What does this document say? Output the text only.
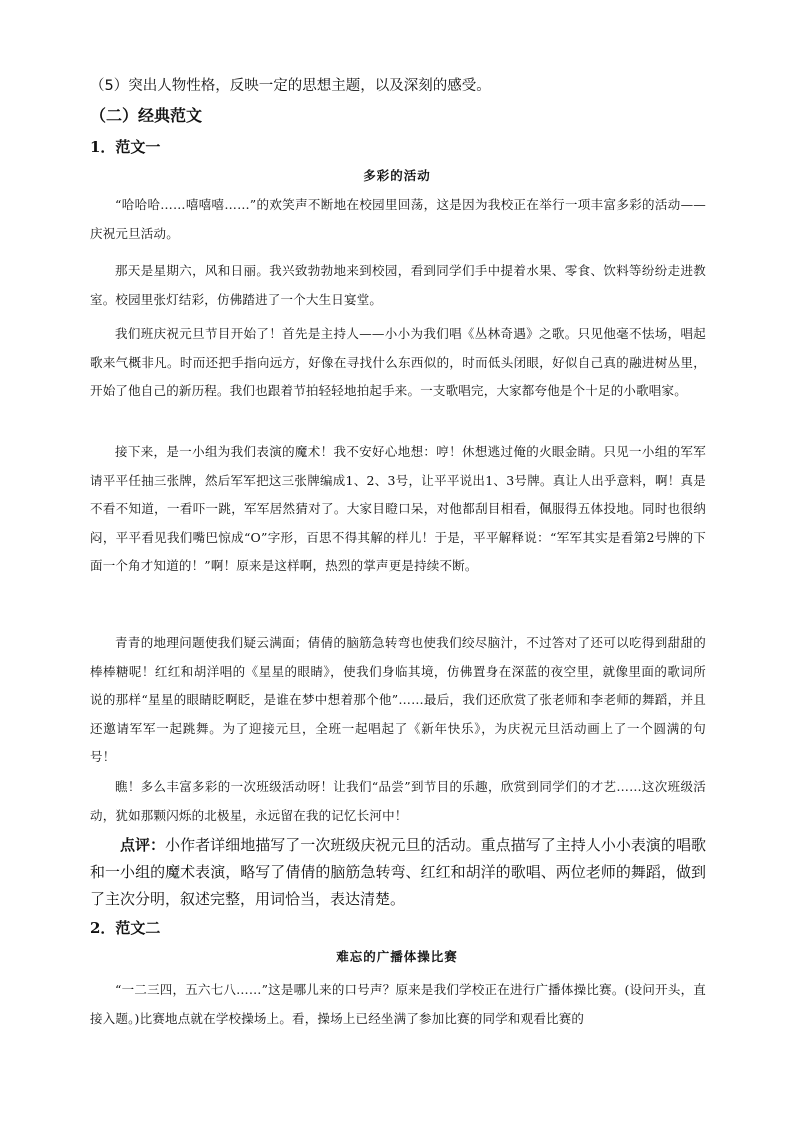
（5）突出人物性格，反映一定的思想主题，以及深刻的感受。

（二）经典范文

1．范文一

多彩的活动

“哈哈哈……嘻嘻嘻……”的欢笑声不断地在校园里回荡，这是因为我校正在举行一项丰富多彩的活动——庆祝元旦活动。

那天是星期六，风和日丽。我兴致勃勃地来到校园，看到同学们手中提着水果、零食、饮料等纷纷走进教室。校园里张灯结彩，仿佛踏进了一个大生日宴堂。

我们班庆祝元旦节目开始了！首先是主持人——小小为我们唱《丛林奇遇》之歌。只见他毫不怯场，唱起歌来气概非凡。时而还把手指向远方，好像在寻找什么东西似的，时而低头闭眼，好似自己真的融进树丛里，开始了他自己的新历程。我们也跟着节拍轻轻地拍起手来。一支歌唱完，大家都夸他是个十足的小歌唱家。

接下来，是一小组为我们表演的魔术！我不安好心地想：哼！休想逃过俺的火眼金睛。只见一小组的军军请平平任抽三张牌，然后军军把这三张牌编成1、2、3号，让平平说出1、3号牌。真让人出乎意料，啊！真是不看不知道，一看吓一跳，军军居然猜对了。大家目瞪口呆，对他都刮目相看，佩服得五体投地。同时也很纳闷，平平看见我们嘴巴惊成“O”字形，百思不得其解的样儿！于是，平平解释说：“军军其实是看第2号牌的下面一个角才知道的！”啊！原来是这样啊，热烈的掌声更是持续不断。

青青的地理问题使我们疑云满面；倩倩的脑筋急转弯也使我们绞尽脑汁，不过答对了还可以吃得到甜甜的棒棒糖呢！红红和胡洋唱的《星星的眼睛》，使我们身临其境，仿佛置身在深蓝的夜空里，就像里面的歌词所说的那样“星星的眼睛眨啊眨，是谁在梦中想着那个他”……最后，我们还欣赏了张老师和李老师的舞蹈，并且还邀请军军一起跳舞。为了迎接元旦，全班一起唱起了《新年快乐》，为庆祝元旦活动画上了一个圆满的句号！

瞧！多么丰富多彩的一次班级活动呀！让我们“品尝”到节目的乐趣，欣赏到同学们的才艺……这次班级活动，犹如那颗闪烁的北极星，永远留在我的记忆长河中！

点评：小作者详细地描写了一次班级庆祝元旦的活动。重点描写了主持人小小表演的唱歌和一小组的魔术表演，略写了倩倩的脑筋急转弯、红红和胡洋的歌唱、两位老师的舞蹈，做到了主次分明，叙述完整，用词恰当，表达清楚。

2．范文二

难忘的广播体操比赛

“一二三四，五六七八……”这是哪儿来的口号声？原来是我们学校正在进行广播体操比赛。(设问开头，直接入题。)比赛地点就在学校操场上。看，操场上已经坐满了参加比赛的同学和观看比赛的
